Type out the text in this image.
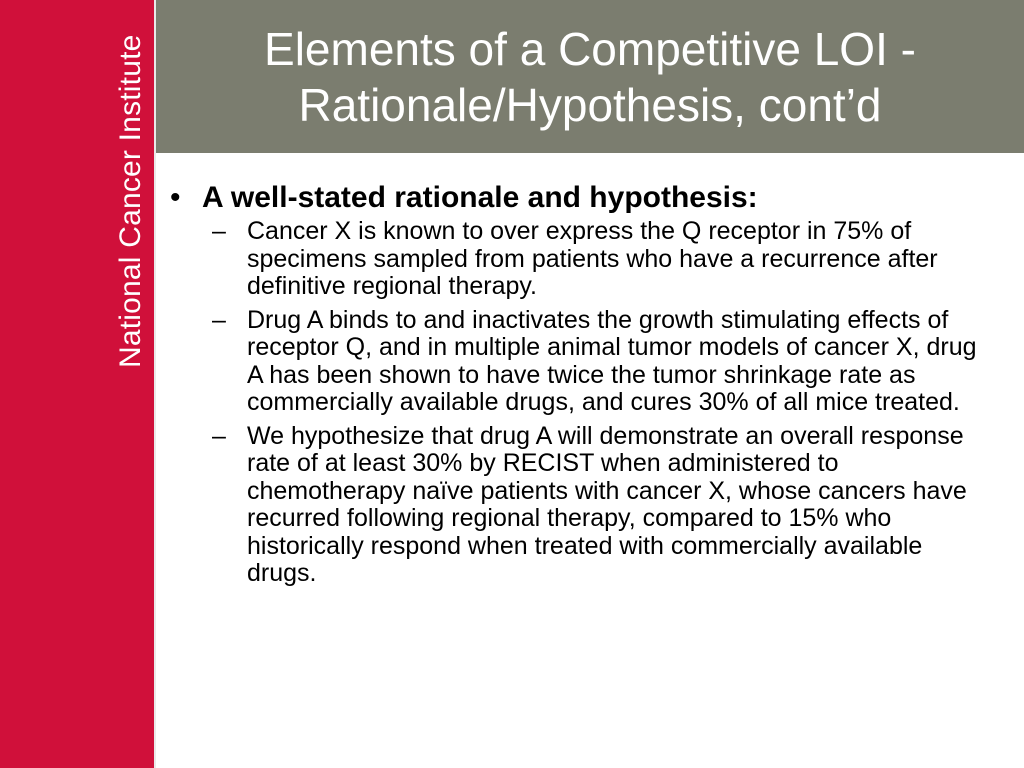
National Cancer Institute	Elements of a Competitive LOI -
Rationale/Hypothesis, cont’d
• A well-stated rationale and hypothesis:
– Cancer X is known to over express the Q receptor in 75% of specimens sampled from patients who have a recurrence after definitive regional therapy.
– Drug A binds to and inactivates the growth stimulating effects of receptor Q, and in multiple animal tumor models of cancer X, drug A has been shown to have twice the tumor shrinkage rate as commercially available drugs, and cures 30% of all mice treated.
– We hypothesize that drug A will demonstrate an overall response rate of at least 30% by RECIST when administered to chemotherapy naïve patients with cancer X, whose cancers have recurred following regional therapy, compared to 15% who historically respond when treated with commercially available drugs.
